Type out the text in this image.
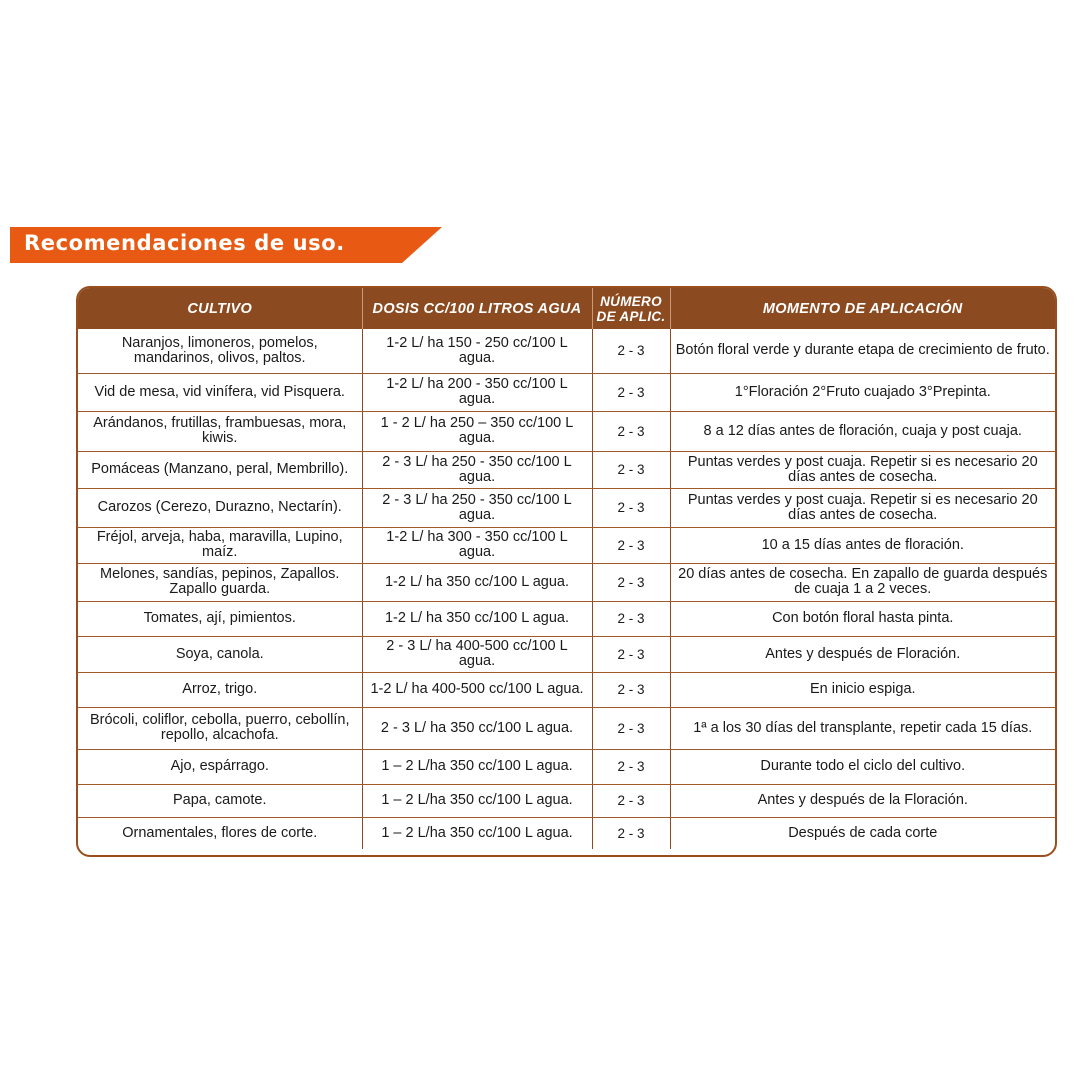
Recomendaciones de uso.
CULTIVO	DOSIS CC/100 LITROS AGUA	NÚMERO DE APLIC.	MOMENTO DE APLICACIÓN
Naranjos, limoneros, pomelos, mandarinos, olivos, paltos.	1-2 L/ ha 150 - 250 cc/100 L agua.	2 - 3	Botón floral verde y durante etapa de crecimiento de fruto.
Vid de mesa, vid vinífera, vid Pisquera.	1-2 L/ ha 200 - 350 cc/100 L agua.	2 - 3	1°Floración 2°Fruto cuajado 3°Prepinta.
Arándanos, frutillas, frambuesas, mora, kiwis.	1 - 2 L/ ha 250 – 350 cc/100 L agua.	2 - 3	8 a 12 días antes de floración, cuaja y post cuaja.
Pomáceas (Manzano, peral, Membrillo).	2 - 3 L/ ha 250 - 350 cc/100 L agua.	2 - 3	Puntas verdes y post cuaja. Repetir si es necesario 20 días antes de cosecha.
Carozos (Cerezo, Durazno, Nectarín).	2 - 3 L/ ha 250 - 350 cc/100 L agua.	2 - 3	Puntas verdes y post cuaja. Repetir si es necesario 20 días antes de cosecha.
Fréjol, arveja, haba, maravilla, Lupino, maíz.	1-2 L/ ha 300 - 350 cc/100 L agua.	2 - 3	10 a 15 días antes de floración.
Melones, sandías, pepinos, Zapallos. Zapallo guarda.	1-2 L/ ha 350 cc/100 L agua.	2 - 3	20 días antes de cosecha. En zapallo de guarda después de cuaja 1 a 2 veces.
Tomates, ají, pimientos.	1-2 L/ ha 350 cc/100 L agua.	2 - 3	Con botón floral hasta pinta.
Soya, canola.	2 - 3 L/ ha 400-500 cc/100 L agua.	2 - 3	Antes y después de Floración.
Arroz, trigo.	1-2 L/ ha 400-500 cc/100 L agua.	2 - 3	En inicio espiga.
Brócoli, coliflor, cebolla, puerro, cebollín, repollo, alcachofa.	2 - 3 L/ ha 350 cc/100 L agua.	2 - 3	1ª a los 30 días del transplante, repetir cada 15 días.
Ajo, espárrago.	1 – 2 L/ha 350 cc/100 L agua.	2 - 3	Durante todo el ciclo del cultivo.
Papa, camote.	1 – 2 L/ha 350 cc/100 L agua.	2 - 3	Antes y después de la Floración.
Ornamentales, flores de corte.	1 – 2 L/ha 350 cc/100 L agua.	2 - 3	Después de cada corte
